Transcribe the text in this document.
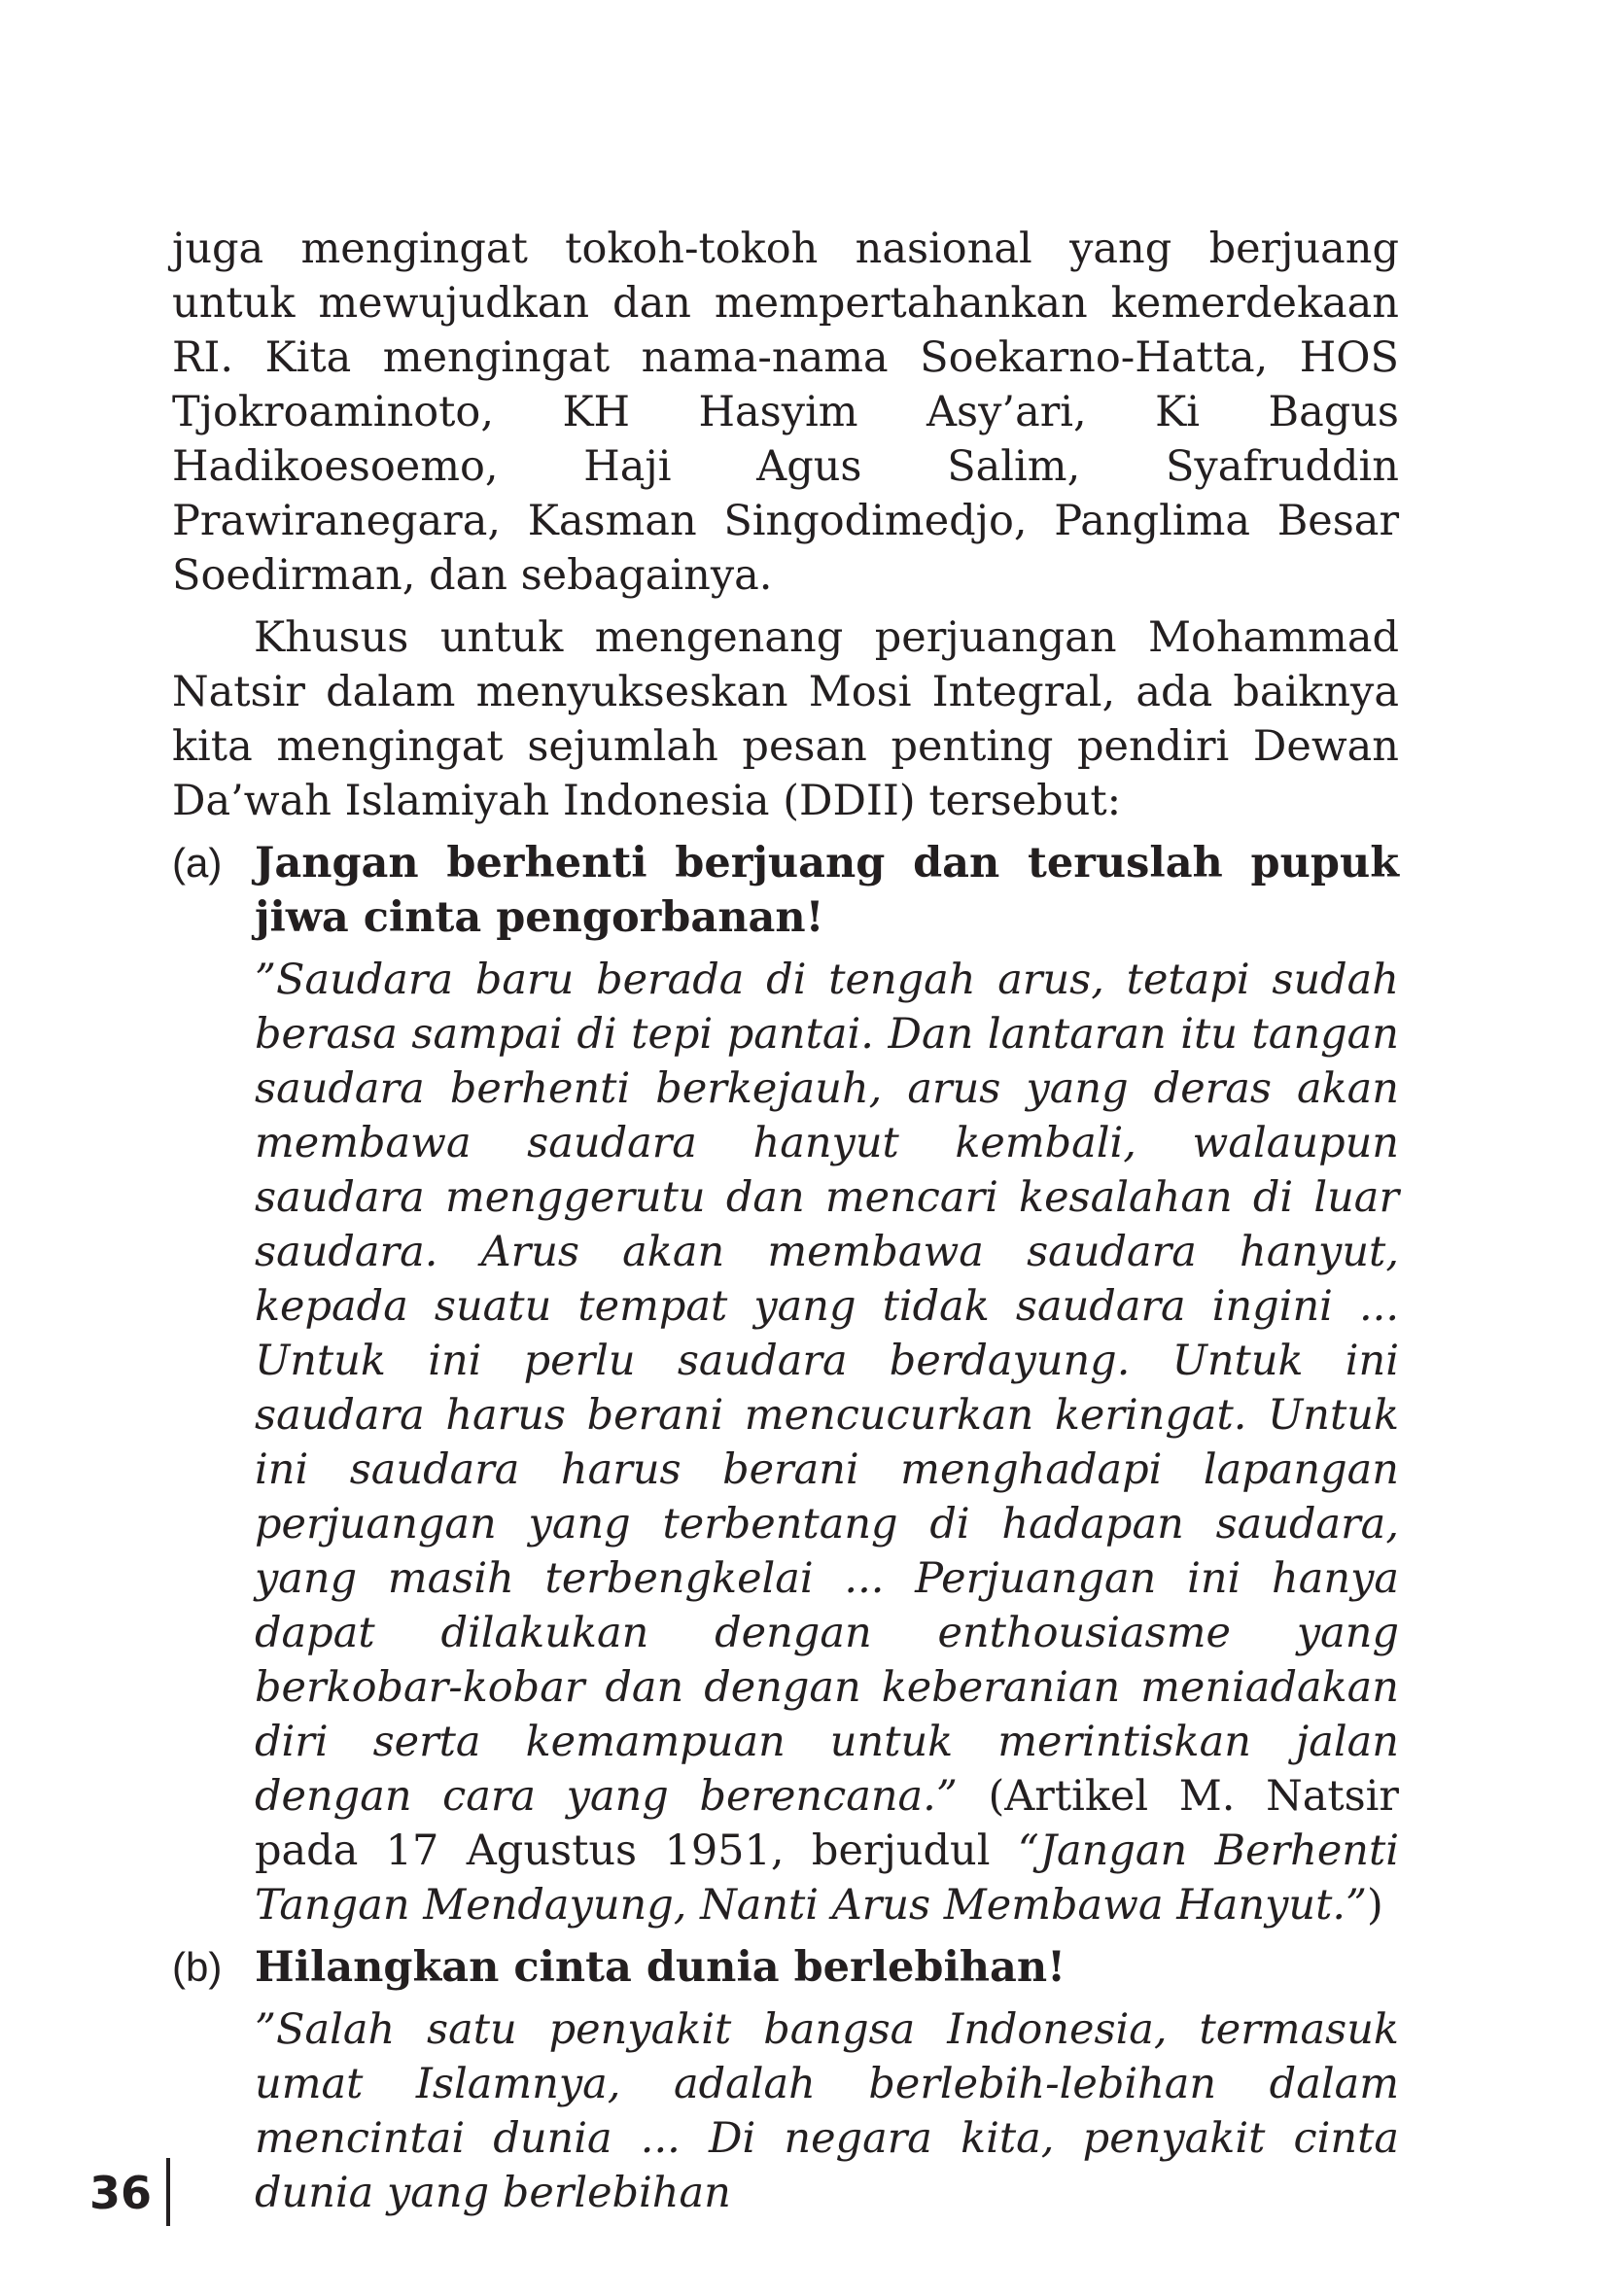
juga mengingat tokoh-tokoh nasional yang berjuang untuk mewujudkan dan mempertahankan kemerdekaan RI. Kita mengingat nama-nama Soekarno-Hatta, HOS Tjokroaminoto, KH Hasyim Asy’ari, Ki Bagus Hadikoesoemo, Haji Agus Salim, Syafruddin Prawiranegara, Kasman Singodimedjo, Panglima Besar Soedirman, dan sebagainya.

Khusus untuk mengenang perjuangan Mohammad Natsir dalam menyukseskan Mosi Integral, ada baiknya kita mengingat sejumlah pesan penting pendiri Dewan Da’wah Islamiyah Indonesia (DDII) tersebut:

(a) Jangan berhenti berjuang dan teruslah pupuk jiwa cinta pengorbanan!

”Saudara baru berada di tengah arus, tetapi sudah berasa sampai di tepi pantai. Dan lantaran itu tangan saudara berhenti berkejauh, arus yang deras akan membawa saudara hanyut kembali, walaupun saudara menggerutu dan mencari kesalahan di luar saudara. Arus akan membawa saudara hanyut, kepada suatu tempat yang tidak saudara ingini ... Untuk ini perlu saudara berdayung. Untuk ini saudara harus berani mencucurkan keringat. Untuk ini saudara harus berani menghadapi lapangan perjuangan yang terbentang di hadapan saudara, yang masih terbengkelai ... Perjuangan ini hanya dapat dilakukan dengan enthousiasme yang berkobar-kobar dan dengan keberanian meniadakan diri serta kemampuan untuk merintiskan jalan dengan cara yang berencana.” (Artikel M. Natsir pada 17 Agustus 1951, berjudul “Jangan Berhenti Tangan Mendayung, Nanti Arus Membawa Hanyut.”)

(b) Hilangkan cinta dunia berlebihan!

”Salah satu penyakit bangsa Indonesia, termasuk umat Islamnya, adalah berlebih-lebihan dalam mencintai dunia ... Di negara kita, penyakit cinta dunia yang berlebihan

36
